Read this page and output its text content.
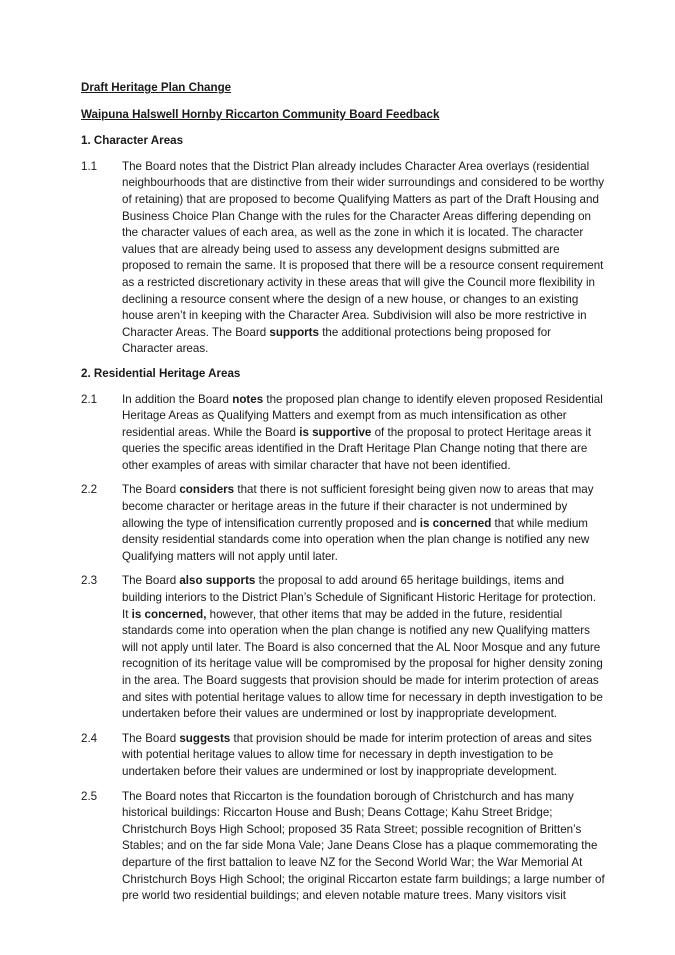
Draft Heritage Plan Change
Waipuna Halswell Hornby Riccarton Community Board Feedback
1. Character Areas
1.1	The Board notes that the District Plan already includes Character Area overlays (residential neighbourhoods that are distinctive from their wider surroundings and considered to be worthy of retaining) that are proposed to become Qualifying Matters as part of the Draft Housing and Business Choice Plan Change with the rules for the Character Areas differing depending on the character values of each area, as well as the zone in which it is located. The character values that are already being used to assess any development designs submitted are proposed to remain the same. It is proposed that there will be a resource consent requirement as a restricted discretionary activity in these areas that will give the Council more flexibility in declining a resource consent where the design of a new house, or changes to an existing house aren’t in keeping with the Character Area. Subdivision will also be more restrictive in Character Areas. The Board supports the additional protections being proposed for Character areas.
2. Residential Heritage Areas
2.1	In addition the Board notes the proposed plan change to identify eleven proposed Residential Heritage Areas as Qualifying Matters and exempt from as much intensification as other residential areas. While the Board is supportive of the proposal to protect Heritage areas it queries the specific areas identified in the Draft Heritage Plan Change noting that there are other examples of areas with similar character that have not been identified.
2.2	The Board considers that there is not sufficient foresight being given now to areas that may become character or heritage areas in the future if their character is not undermined by allowing the type of intensification currently proposed and is concerned that while medium density residential standards come into operation when the plan change is notified any new Qualifying matters will not apply until later.
2.3	The Board also supports the proposal to add around 65 heritage buildings, items and building interiors to the District Plan’s Schedule of Significant Historic Heritage for protection. It is concerned, however, that other items that may be added in the future, residential standards come into operation when the plan change is notified any new Qualifying matters will not apply until later. The Board is also concerned that the AL Noor Mosque and any future recognition of its heritage value will be compromised by the proposal for higher density zoning in the area. The Board suggests that provision should be made for interim protection of areas and sites with potential heritage values to allow time for necessary in depth investigation to be undertaken before their values are undermined or lost by inappropriate development.
2.4	The Board suggests that provision should be made for interim protection of areas and sites with potential heritage values to allow time for necessary in depth investigation to be undertaken before their values are undermined or lost by inappropriate development.
2.5	The Board notes that Riccarton is the foundation borough of Christchurch and has many historical buildings: Riccarton House and Bush; Deans Cottage; Kahu Street Bridge; Christchurch Boys High School; proposed 35 Rata Street; possible recognition of Britten’s Stables; and on the far side Mona Vale; Jane Deans Close has a plaque commemorating the departure of the first battalion to leave NZ for the Second World War; the War Memorial At Christchurch Boys High School; the original Riccarton estate farm buildings; a large number of pre world two residential buildings; and eleven notable mature trees. Many visitors visit
